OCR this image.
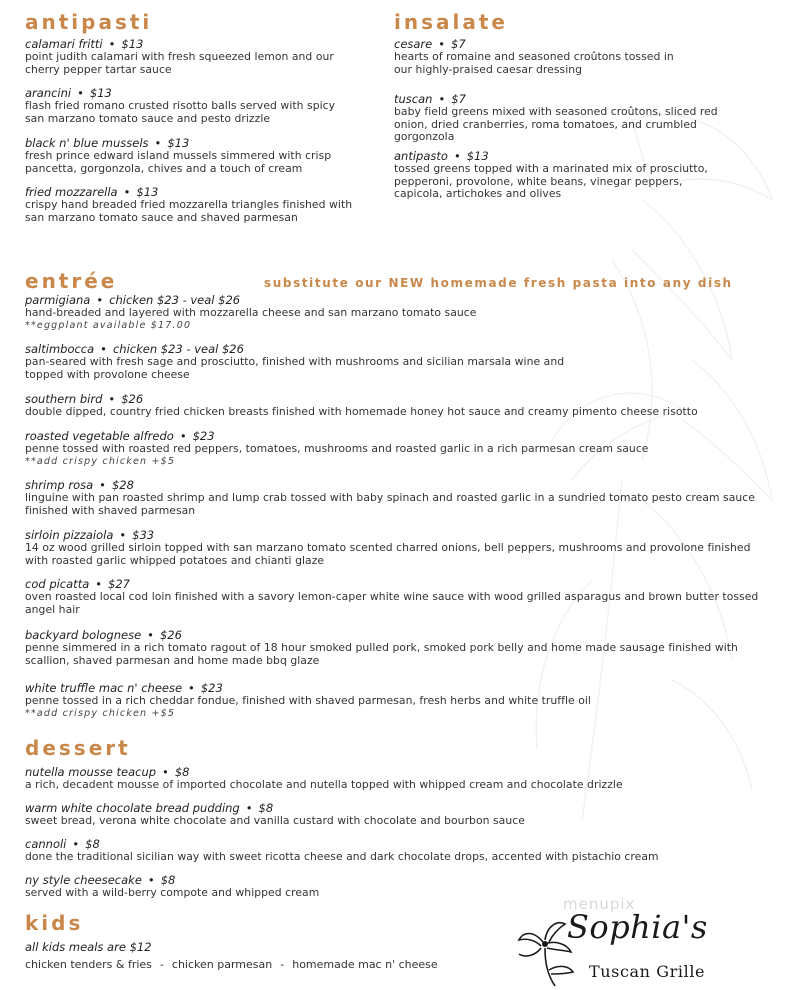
antipasti
calamari fritti • $13
point judith calamari with fresh squeezed lemon and our cherry pepper tartar sauce
arancini • $13
flash fried romano crusted risotto balls served with spicy san marzano tomato sauce and pesto drizzle
black n' blue mussels • $13
fresh prince edward island mussels simmered with crisp pancetta, gorgonzola, chives and a touch of cream
fried mozzarella • $13
crispy hand breaded fried mozzarella triangles finished with san marzano tomato sauce and shaved parmesan
insalate
cesare • $7
hearts of romaine and seasoned croûtons tossed in our highly-praised caesar dressing
tuscan • $7
baby field greens mixed with seasoned croûtons, sliced red onion, dried cranberries, roma tomatoes, and crumbled gorgonzola
antipasto • $13
tossed greens topped with a marinated mix of prosciutto, pepperoni, provolone, white beans, vinegar peppers, capicola, artichokes and olives
entrée	substitute our NEW homemade fresh pasta into any dish
parmigiana • chicken $23 - veal $26
hand-breaded and layered with mozzarella cheese and san marzano tomato sauce
**eggplant available $17.00
saltimbocca • chicken $23 - veal $26
pan-seared with fresh sage and prosciutto, finished with mushrooms and sicilian marsala wine and topped with provolone cheese
southern bird • $26
double dipped, country fried chicken breasts finished with homemade honey hot sauce and creamy pimento cheese risotto
roasted vegetable alfredo • $23
penne tossed with roasted red peppers, tomatoes, mushrooms and roasted garlic in a rich parmesan cream sauce
**add crispy chicken +$5
shrimp rosa • $28
linguine with pan roasted shrimp and lump crab tossed with baby spinach and roasted garlic in a sundried tomato pesto cream sauce finished with shaved parmesan
sirloin pizzaiola • $33
14 oz wood grilled sirloin topped with san marzano tomato scented charred onions, bell peppers, mushrooms and provolone finished with roasted garlic whipped potatoes and chianti glaze
cod picatta • $27
oven roasted local cod loin finished with a savory lemon-caper white wine sauce with wood grilled asparagus and brown butter tossed angel hair
backyard bolognese • $26
penne simmered in a rich tomato ragout of 18 hour smoked pulled pork, smoked pork belly and home made sausage finished with scallion, shaved parmesan and home made bbq glaze
white truffle mac n' cheese • $23
penne tossed in a rich cheddar fondue, finished with shaved parmesan, fresh herbs and white truffle oil
**add crispy chicken +$5
dessert
nutella mousse teacup • $8
a rich, decadent mousse of imported chocolate and nutella topped with whipped cream and chocolate drizzle
warm white chocolate bread pudding • $8
sweet bread, verona white chocolate and vanilla custard with chocolate and bourbon sauce
cannoli • $8
done the traditional sicilian way with sweet ricotta cheese and dark chocolate drops, accented with pistachio cream
ny style cheesecake • $8
served with a wild-berry compote and whipped cream
kids
all kids meals are $12
chicken tenders & fries - chicken parmesan - homemade mac n' cheese
menupix
Sophia's
Tuscan Grille
